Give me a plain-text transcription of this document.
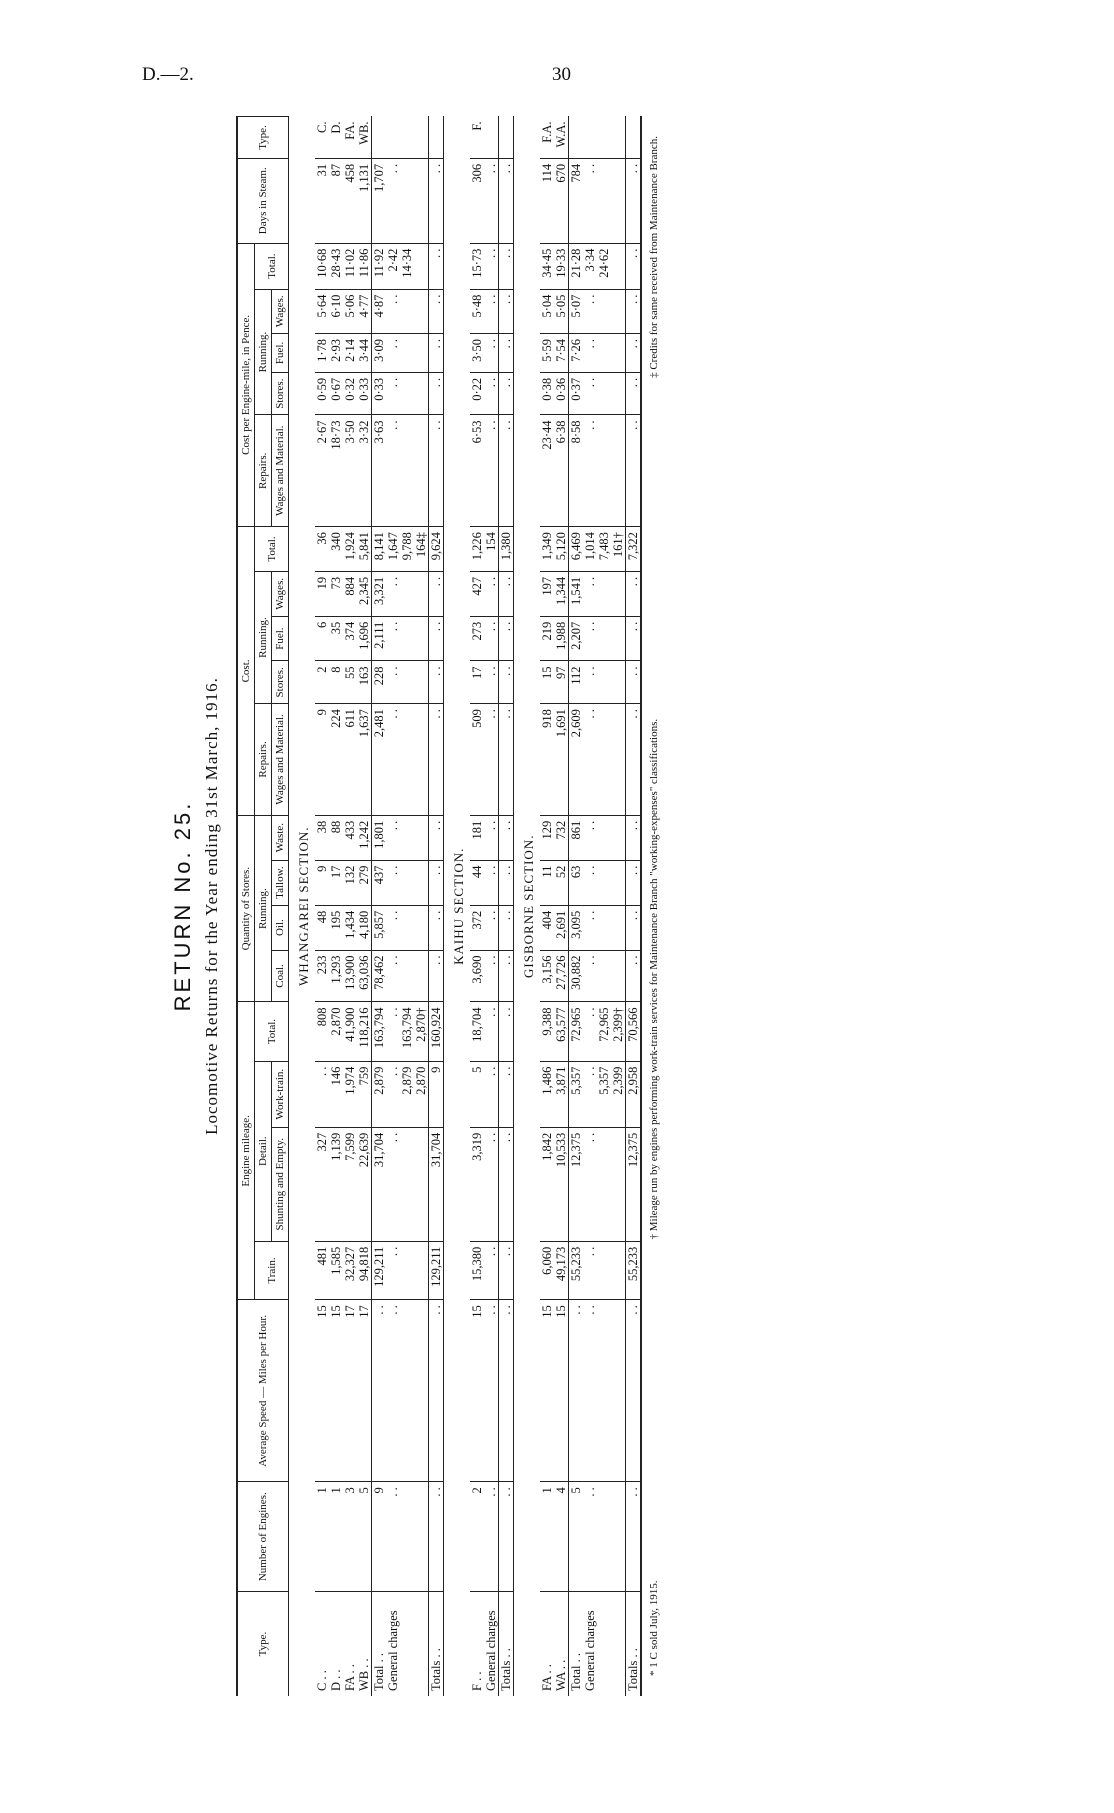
D.—2.	30
RETURN No. 25. Locomotive Returns for the Year ending 31st March, 1916.
Type.	Number of Engines.	Average Speed — Miles per Hour.	Engine mileage.				Quantity of Stores.				Cost.					Cost per Engine-mile, in Pence.					Days in Steam.	Type.
			Train.	Detail.		Total.	Running.				Repairs.	Running.			Total.	Repairs.	Running.			Total.		
				Shunting and Empty.	Work-train.		Coal.	Oil.	Tallow.	Waste.	Wages and Material.	Stores.	Fuel.	Wages.		Wages and Material.	Stores.	Fuel.	Wages.			
WHANGAREI SECTION.																						
C . .	1	15	481	327	. .	808	233	48	9	38	9	2	6	19	36	2·67	0·59	1·78	5·64	10·68	31	C.
D . .	1	15	1,585	1,139	146	2,870	1,293	195	17	88	224	8	35	73	340	18·73	0·67	2·93	6·10	28·43	87	D.
FA . .	3	17	32,327	7,599	1,974	41,900	13,900	1,434	132	433	611	55	374	884	1,924	3·50	0·32	2·14	5·06	11·02	458	FA.
WB . .	5	17	94,818	22,639	759	118,216	63,036	4,180	279	1,242	1,637	163	1,696	2,345	5,841	3·32	0·33	3·44	4·77	11·86	1,131	WB.
Total . .	9	. .	129,211	31,704	2,879	163,794	78,462	5,857	437	1,801	2,481	228	2,111	3,321	8,141	3·63	0·33	3·09	4·87	11·92	1,707	
General charges	. .	. .	. .	. .	. .	. .	. .	. .	. .	. .	. .	. .	. .	. .	1,647	. .	. .	. .	. .	2·42	. .	
					2,879	163,794									9,788					14·34		
					2,870	2,870†									164‡							
Totals . .	. .	. .	129,211	31,704	9	160,924	. .	. .	. .	. .	. .	. .	. .	. .	9,624	. .	. .	. .	. .	. .	. .	
KAIHU SECTION.																						
F . .	2	15	15,380	3,319	5	18,704	3,690	372	44	181	509	17	273	427	1,226	6·53	0·22	3·50	5·48	15·73	306	F.
General charges	. .	. .	. .	. .	. .	. .	. .	. .	. .	. .	. .	. .	. .	. .	154	. .	. .	. .	. .	. .	. .	
Totals . .	. .	. .	. .	. .	. .	. .	. .	. .	. .	. .	. .	. .	. .	. .	1,380	. .	. .	. .	. .	. .	. .	
GISBORNE SECTION.																						
FA . .	1	15	6,060	1,842	1,486	9,388	3,156	404	11	129	918	15	219	197	1,349	23·44	0·38	5·59	5·04	34·45	114	F.A.
WA . .	4	15	49,173	10,533	3,871	63,577	27,726	2,691	52	732	1,691	97	1,988	1,344	5,120	6·38	0·36	7·54	5·05	19·33	670	W.A.
Total . .	5	. .	55,233	12,375	5,357	72,965	30,882	3,095	63	861	2,609	112	2,207	1,541	6,469	8·58	0·37	7·26	5·07	21·28	784	
General charges	. .	. .	. .	. .	. .	. .	. .	. .	. .	. .	. .	. .	. .	. .	1,014	. .	. .	. .	. .	3·34	. .	
					5,357	72,965									7,483					24·62		
					2,399	2,399†									161†							
Totals . .	. .	. .	55,233	12,375	2,958	70,566	. .	. .	. .	. .	. .	. .	. .	. .	7,322	. .	. .	. .	. .	. .	. .	
* 1 C sold July, 1915.
† Mileage run by engines performing work-train services for Maintenance Branch "working-expenses" classifications.
‡ Credits for same received from Maintenance Branch.
